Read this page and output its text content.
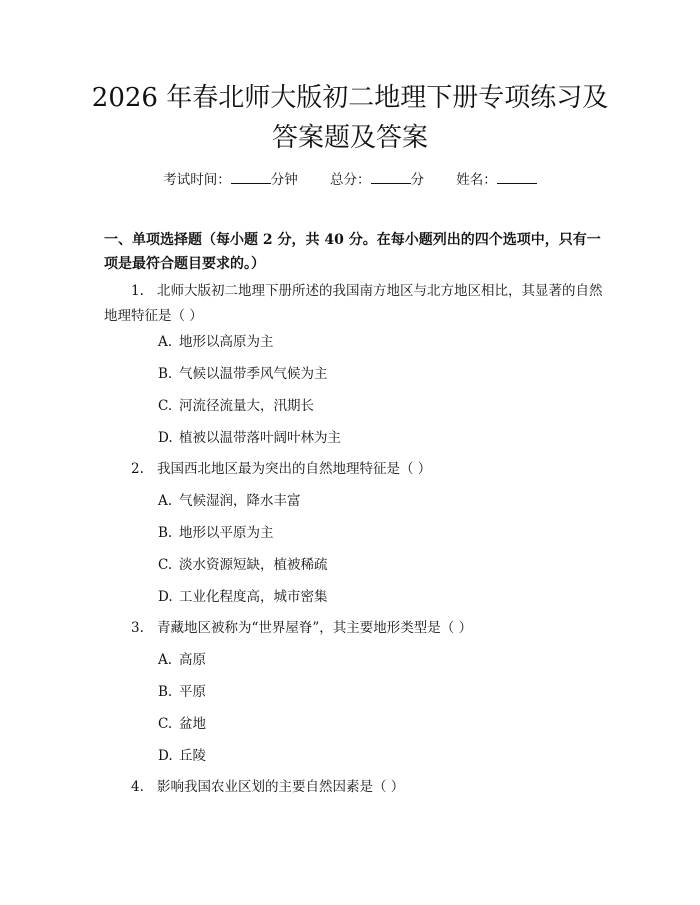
2026 年春北师大版初二地理下册专项练习及
答案题及答案
考试时间：	分钟 总分：	分 姓名：
一、单项选择题（每小题 2 分，共 40 分。在每小题列出的四个选项中，只有一项是最符合题目要求的。）
1. 北师大版初二地理下册所述的我国南方地区与北方地区相比，其显著的自然地理特征是（ ）
A. 地形以高原为主
B. 气候以温带季风气候为主
C. 河流径流量大，汛期长
D. 植被以温带落叶阔叶林为主
2. 我国西北地区最为突出的自然地理特征是（ ）
A. 气候湿润，降水丰富
B. 地形以平原为主
C. 淡水资源短缺，植被稀疏
D. 工业化程度高，城市密集
3. 青藏地区被称为“世界屋脊”，其主要地形类型是（ ）
A. 高原
B. 平原
C. 盆地
D. 丘陵
4. 影响我国农业区划的主要自然因素是（ ）
